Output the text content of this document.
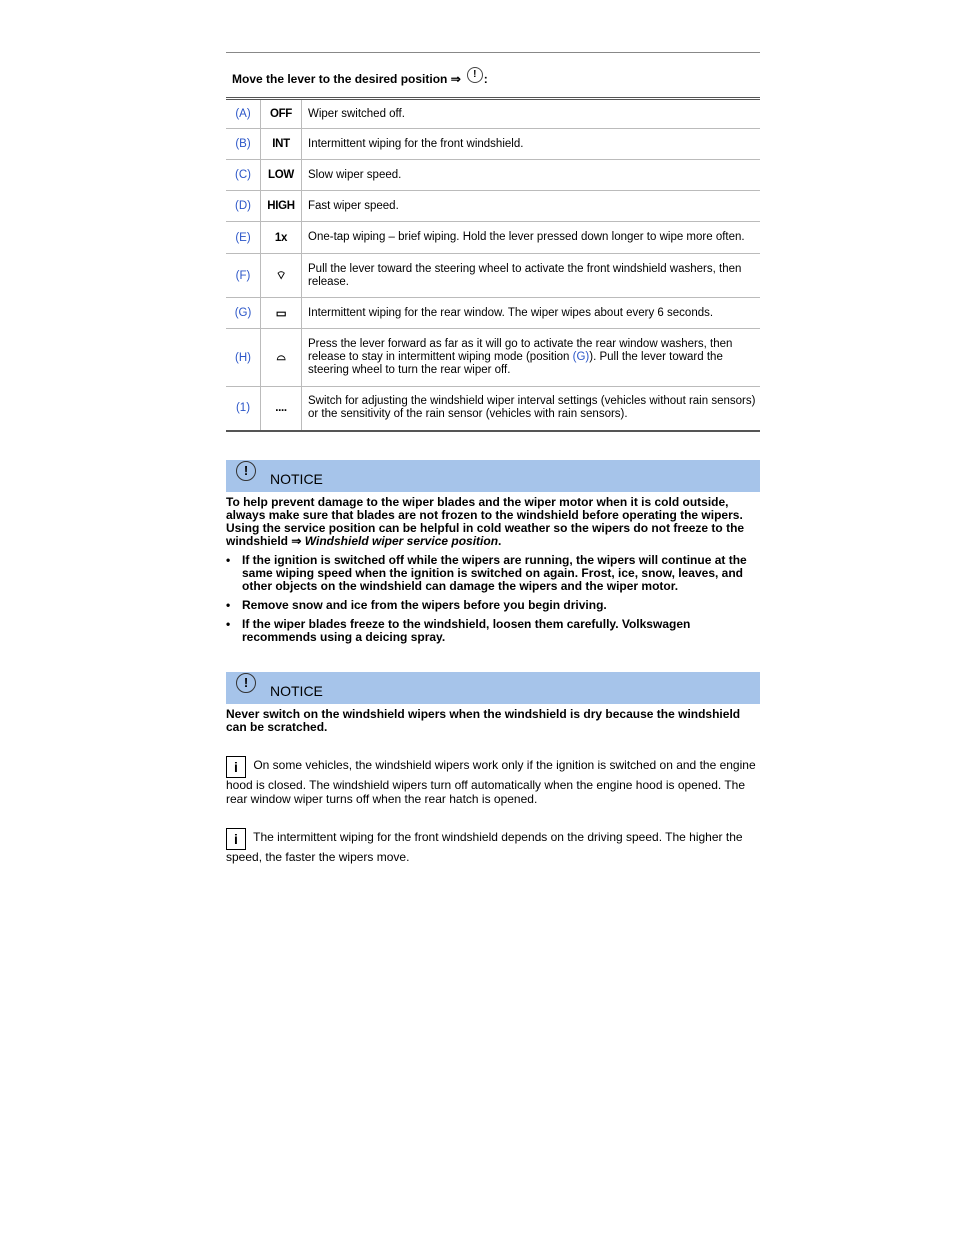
Move the lever to the desired position
⇒	! :
(A)	OFF	Wiper switched off.
(B)	INT	Intermittent wiping for the front windshield.
(C)	LOW	Slow wiper speed.
(D)	HIGH	Fast wiper speed.
(E)	1x	One-tap wiping – brief wiping. Hold the lever pressed down longer to wipe more often.
(F)	⌔	Pull the lever toward the steering wheel to activate the front windshield washers, then release.
(G)	▭	Intermittent wiping for the rear window. The wiper wipes about every 6 seconds.
(H)	⌓	Press the lever forward as far as it will go to activate the rear window washers, then release to stay in intermittent wiping mode (position (G)). Pull the lever toward the steering wheel to turn the rear wiper off.
(1)	....	Switch for adjusting the windshield wiper interval settings (vehicles without rain sensors) or the sensitivity of the rain sensor (vehicles with rain sensors).
!
NOTICE

To help prevent damage to the wiper blades and the wiper motor when it is cold outside, always make sure that blades are not frozen to the windshield before operating the wipers. Using the service position can be helpful in cold weather so the wipers do not freeze to the windshield ⇒ Windshield wiper service position.

• If the ignition is switched off while the wipers are running, the wipers will continue at the same wiping speed when the ignition is switched on again. Frost, ice, snow, leaves, and other objects on the windshield can damage the wipers and the wiper motor.
• Remove snow and ice from the wipers before you begin driving.
• If the wiper blades freeze to the windshield, loosen them carefully. Volkswagen recommends using a deicing spray.
!
NOTICE

Never switch on the windshield wipers when the windshield is dry because the windshield can be scratched.

i On some vehicles, the windshield wipers work only if the ignition is switched on and the engine hood is closed. The windshield wipers turn off automatically when the engine hood is opened. The rear window wiper turns off when the rear hatch is opened.
i The intermittent wiping for the front windshield depends on the driving speed. The higher the speed, the faster the wipers move.
